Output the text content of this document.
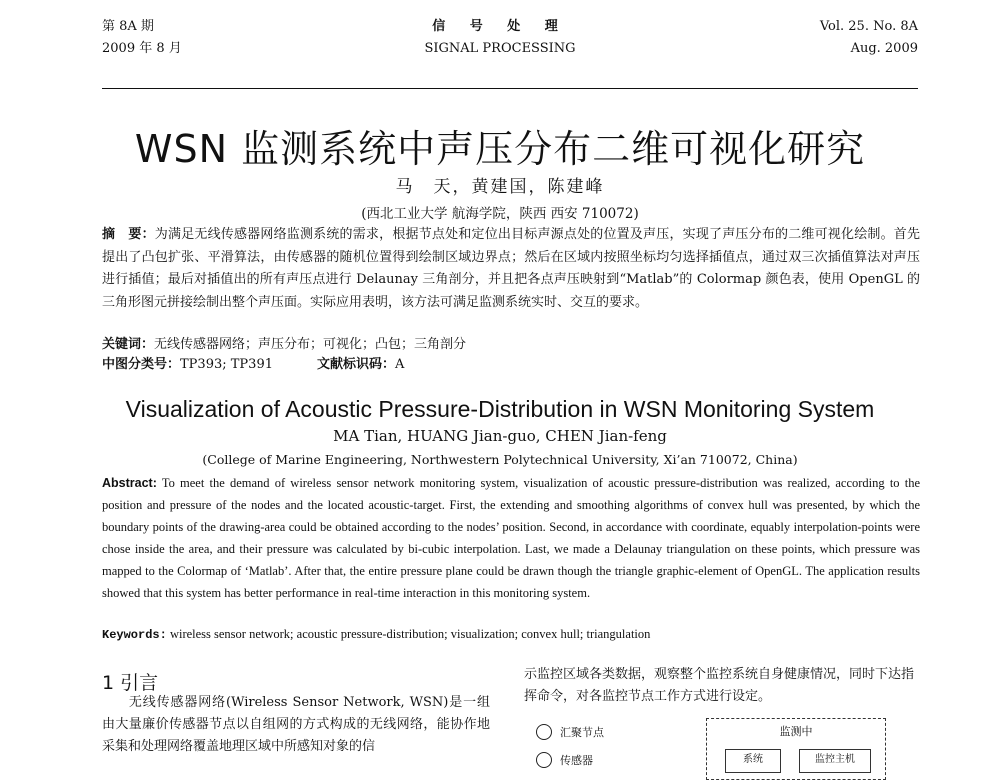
第 8A 期
2009 年 8 月
信 号 处 理
SIGNAL PROCESSING
Vol. 25. No. 8A
Aug. 2009
WSN 监测系统中声压分布二维可视化研究
马　天，黄建国，陈建峰
(西北工业大学 航海学院，陕西 西安 710072)
摘　要：为满足无线传感器网络监测系统的需求，根据节点处和定位出目标声源点处的位置及声压，实现了声压分布的二维可视化绘制。首先提出了凸包扩张、平滑算法，由传感器的随机位置得到绘制区域边界点；然后在区域内按照坐标均匀选择插值点，通过双三次插值算法对声压进行插值；最后对插值出的所有声压点进行 Delaunay 三角剖分，并且把各点声压映射到“Matlab”的 Colormap 颜色表，使用 OpenGL 的三角形图元拼接绘制出整个声压面。实际应用表明，该方法可满足监测系统实时、交互的要求。
关键词：无线传感器网络；声压分布；可视化；凸包；三角剖分
中图分类号：TP393; TP391	文献标识码：A
Visualization of Acoustic Pressure-Distribution in WSN Monitoring System
MA Tian, HUANG Jian-guo, CHEN Jian-feng
(College of Marine Engineering, Northwestern Polytechnical University, Xi’an 710072, China)
Abstract: To meet the demand of wireless sensor network monitoring system, visualization of acoustic pressure-distribution was realized, according to the position and pressure of the nodes and the located acoustic-target. First, the extending and smoothing algorithms of convex hull was presented, by which the boundary points of the drawing-area could be obtained according to the nodes’ position. Second, in accordance with coordinate, equably interpolation-points were chose inside the area, and their pressure was calculated by bi-cubic interpolation. Last, we made a Delaunay triangulation on these points, which pressure was mapped to the Colormap of ‘Matlab’. After that, the entire pressure plane could be drawn though the triangle graphic-element of OpenGL. The application results showed that this system has better performance in real-time interaction in this monitoring system.
Keywords: wireless sensor network; acoustic pressure-distribution; visualization; convex hull; triangulation
1 引言
无线传感器网络(Wireless Sensor Network, WSN)是一组由大量廉价传感器节点以自组网的方式构成的无线网络，能协作地采集和处理网络覆盖地理区域中所感知对象的信
示监控区域各类数据，观察整个监控系统自身健康情况，同时下达指挥命令，对各监控节点工作方式进行设定。
汇聚节点
传感器
监测中
系统	监控主机
